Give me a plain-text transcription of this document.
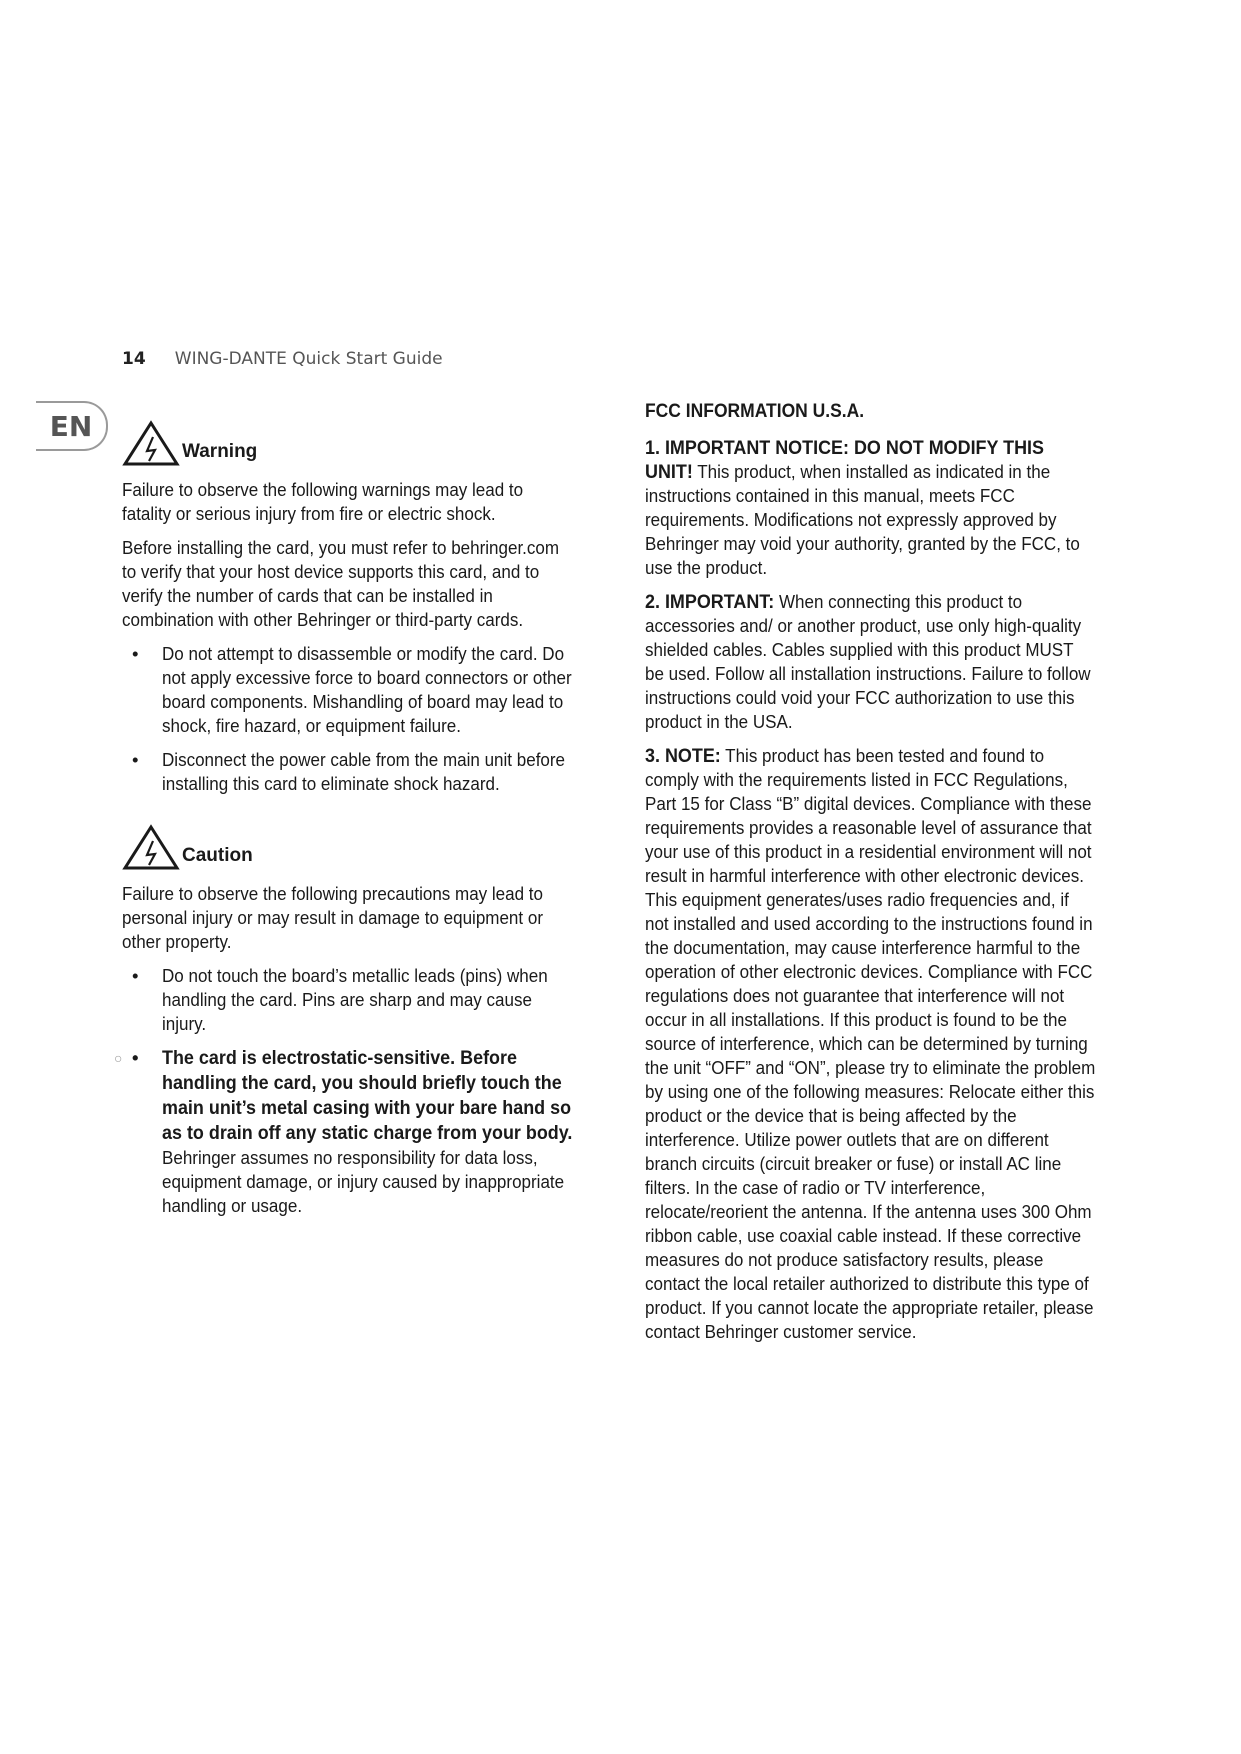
14 WING-DANTE Quick Start Guide
EN
Warning

Failure to observe the following warnings may lead to fatality or serious injury from fire or electric shock.

Before installing the card, you must refer to behringer.com to verify that your host device supports this card, and to verify the number of cards that can be installed in combination with other Behringer or third-party cards.

• Do not attempt to disassemble or modify the card. Do not apply excessive force to board connectors or other board components. Mishandling of board may lead to shock, fire hazard, or equipment failure.
• Disconnect the power cable from the main unit before installing this card to eliminate shock hazard.
Caution

Failure to observe the following precautions may lead to personal injury or may result in damage to equipment or other property.

• Do not touch the board’s metallic leads (pins) when handling the card. Pins are sharp and may cause injury.
○ • The card is electrostatic-sensitive. Before handling the card, you should briefly touch the main unit’s metal casing with your bare hand so as to drain off any static charge from your body. Behringer assumes no responsibility for data loss, equipment damage, or injury caused by inappropriate handling or usage.
FCC INFORMATION U.S.A.

1. IMPORTANT NOTICE: DO NOT MODIFY THIS UNIT! This product, when installed as indicated in the instructions contained in this manual, meets FCC requirements. Modifications not expressly approved by Behringer may void your authority, granted by the FCC, to use the product.

2. IMPORTANT: When connecting this product to accessories and/ or another product, use only high-quality shielded cables. Cables supplied with this product MUST be used. Follow all installation instructions. Failure to follow instructions could void your FCC authorization to use this product in the USA.

3. NOTE: This product has been tested and found to comply with the requirements listed in FCC Regulations, Part 15 for Class “B” digital devices. Compliance with these requirements provides a reasonable level of assurance that your use of this product in a residential environment will not result in harmful interference with other electronic devices. This equipment generates/uses radio frequencies and, if not installed and used according to the instructions found in the documentation, may cause interference harmful to the operation of other electronic devices. Compliance with FCC regulations does not guarantee that interference will not occur in all installations. If this product is found to be the source of interference, which can be determined by turning the unit “OFF” and “ON”, please try to eliminate the problem by using one of the following measures: Relocate either this product or the device that is being affected by the interference. Utilize power outlets that are on different branch circuits (circuit breaker or fuse) or install AC line filters. In the case of radio or TV interference, relocate/reorient the antenna. If the antenna uses 300 Ohm ribbon cable, use coaxial cable instead. If these corrective measures do not produce satisfactory results, please contact the local retailer authorized to distribute this type of product. If you cannot locate the appropriate retailer, please contact Behringer customer service.
